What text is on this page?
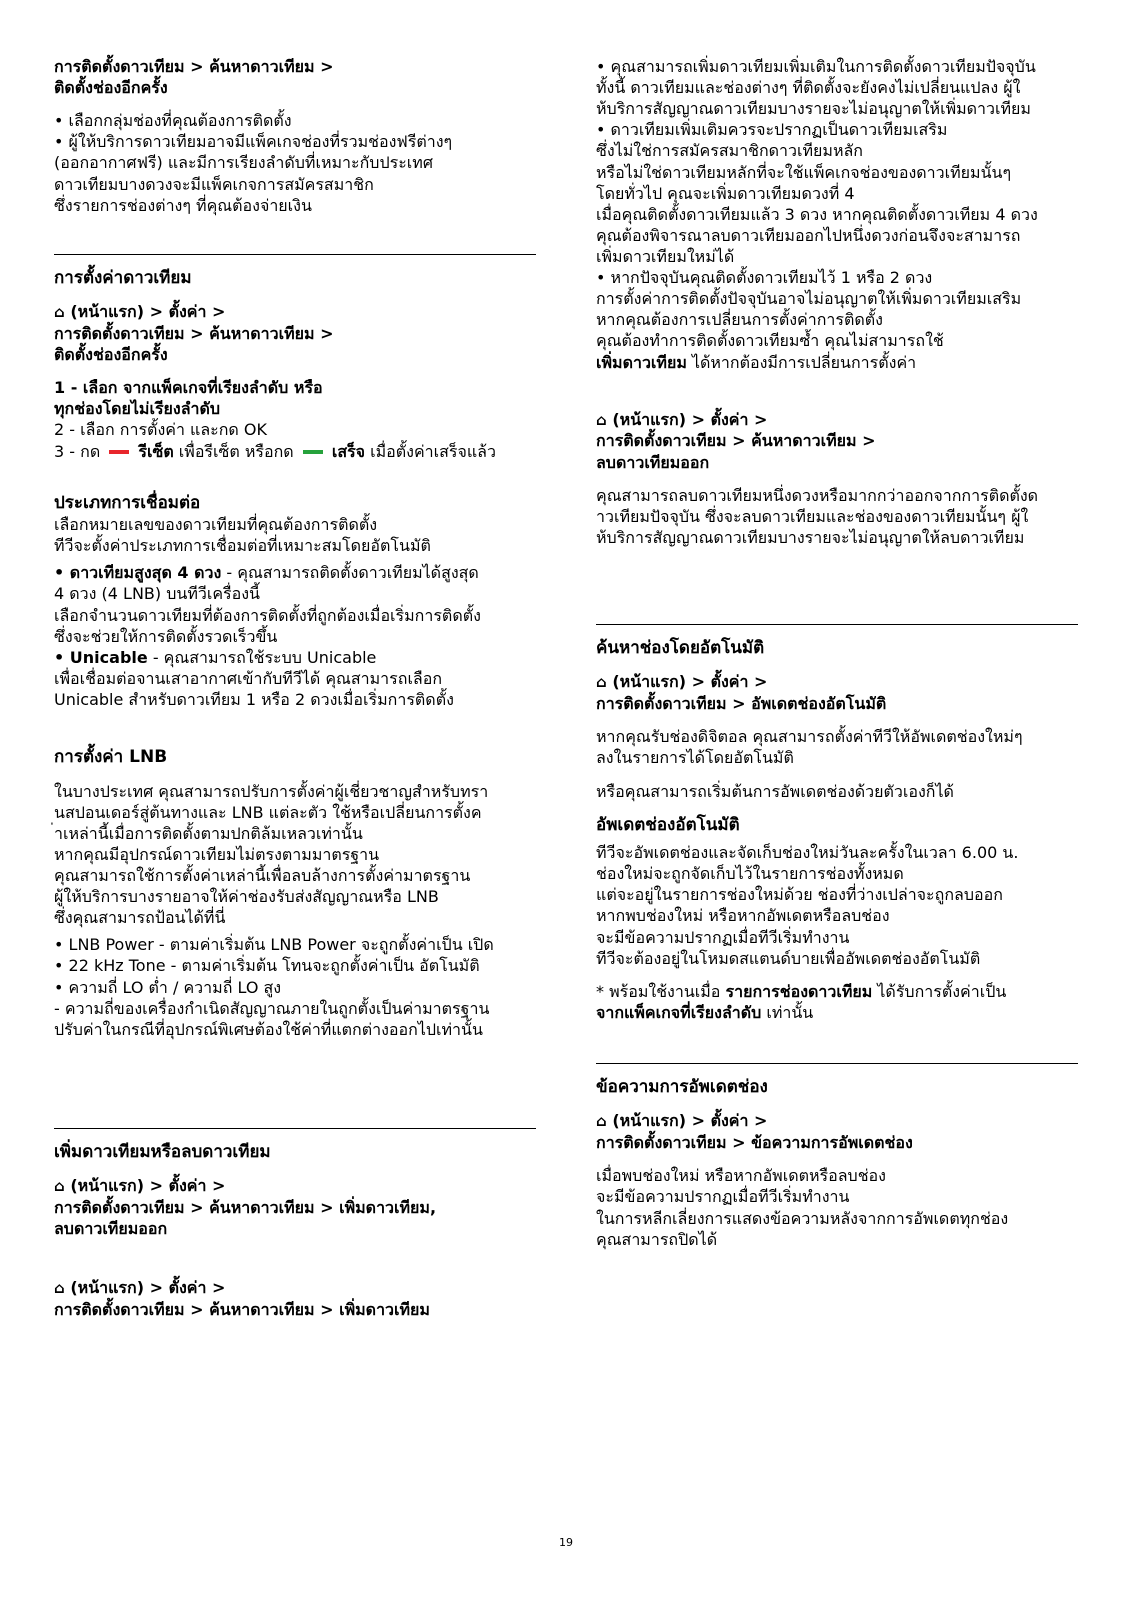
การติดตั้งดาวเทียม > ค้นหาดาวเทียม >

ติดตั้งช่องอีกครั้ง

• เลือกกลุ่มช่องที่คุณต้องการติดตั้ง

• ผู้ให้บริการดาวเทียมอาจมีแพ็คเกจช่องที่รวมช่องฟรีต่างๆ

(ออกอากาศฟรี) และมีการเรียงลำดับที่เหมาะกับประเทศ

ดาวเทียมบางดวงจะมีแพ็คเกจการสมัครสมาชิก

ซึ่งรายการช่องต่างๆ ที่คุณต้องจ่ายเงิน

การตั้งค่าดาวเทียม

⌂ (หน้าแรก) > ตั้งค่า >

การติดตั้งดาวเทียม > ค้นหาดาวเทียม >

ติดตั้งช่องอีกครั้ง

1 - เลือก จากแพ็คเกจที่เรียงลำดับ หรือ

ทุกช่องโดยไม่เรียงลำดับ

2 - เลือก การตั้งค่า และกด OK

3 - กด รีเซ็ต เพื่อรีเซ็ต หรือกด เสร็จ เมื่อตั้งค่าเสร็จแล้ว

ประเภทการเชื่อมต่อ

เลือกหมายเลขของดาวเทียมที่คุณต้องการติดตั้ง

ทีวีจะตั้งค่าประเภทการเชื่อมต่อที่เหมาะสมโดยอัตโนมัติ

• ดาวเทียมสูงสุด 4 ดวง - คุณสามารถติดตั้งดาวเทียมได้สูงสุด

4 ดวง (4 LNB) บนทีวีเครื่องนี้

เลือกจำนวนดาวเทียมที่ต้องการติดตั้งที่ถูกต้องเมื่อเริ่มการติดตั้ง

ซึ่งจะช่วยให้การติดตั้งรวดเร็วขึ้น

• Unicable - คุณสามารถใช้ระบบ Unicable

เพื่อเชื่อมต่อจานเสาอากาศเข้ากับทีวีได้ คุณสามารถเลือก

Unicable สำหรับดาวเทียม 1 หรือ 2 ดวงเมื่อเริ่มการติดตั้ง

การตั้งค่า LNB

ในบางประเทศ คุณสามารถปรับการตั้งค่าผู้เชี่ยวชาญสำหรับทรา

นสปอนเดอร์สู่ต้นทางและ LNB แต่ละตัว ใช้หรือเปลี่ยนการตั้งค

่าเหล่านี้เมื่อการติดตั้งตามปกติล้มเหลวเท่านั้น

หากคุณมีอุปกรณ์ดาวเทียมไม่ตรงตามมาตรฐาน

คุณสามารถใช้การตั้งค่าเหล่านี้เพื่อลบล้างการตั้งค่ามาตรฐาน

ผู้ให้บริการบางรายอาจให้ค่าช่องรับส่งสัญญาณหรือ LNB

ซึ่งคุณสามารถป้อนได้ที่นี่

• LNB Power - ตามค่าเริ่มต้น LNB Power จะถูกตั้งค่าเป็น เปิด

• 22 kHz Tone - ตามค่าเริ่มต้น โทนจะถูกตั้งค่าเป็น อัตโนมัติ

• ความถี่ LO ต่ำ / ความถี่ LO สูง

- ความถี่ของเครื่องกำเนิดสัญญาณภายในถูกตั้งเป็นค่ามาตรฐาน

ปรับค่าในกรณีที่อุปกรณ์พิเศษต้องใช้ค่าที่แตกต่างออกไปเท่านั้น

เพิ่มดาวเทียมหรือลบดาวเทียม

⌂ (หน้าแรก) > ตั้งค่า >

การติดตั้งดาวเทียม > ค้นหาดาวเทียม > เพิ่มดาวเทียม,

ลบดาวเทียมออก

⌂ (หน้าแรก) > ตั้งค่า >

การติดตั้งดาวเทียม > ค้นหาดาวเทียม > เพิ่มดาวเทียม

• คุณสามารถเพิ่มดาวเทียมเพิ่มเติมในการติดตั้งดาวเทียมปัจจุบัน

ทั้งนี้ ดาวเทียมและช่องต่างๆ ที่ติดตั้งจะยังคงไม่เปลี่ยนแปลง ผู้ใ

ห้บริการสัญญาณดาวเทียมบางรายจะไม่อนุญาตให้เพิ่มดาวเทียม

• ดาวเทียมเพิ่มเติมควรจะปรากฏเป็นดาวเทียมเสริม

ซึ่งไม่ใช่การสมัครสมาชิกดาวเทียมหลัก

หรือไม่ใช่ดาวเทียมหลักที่จะใช้แพ็คเกจช่องของดาวเทียมนั้นๆ

โดยทั่วไป คุณจะเพิ่มดาวเทียมดวงที่ 4

เมื่อคุณติดตั้งดาวเทียมแล้ว 3 ดวง หากคุณติดตั้งดาวเทียม 4 ดวง

คุณต้องพิจารณาลบดาวเทียมออกไปหนึ่งดวงก่อนจึงจะสามารถ

เพิ่มดาวเทียมใหม่ได้

• หากปัจจุบันคุณติดตั้งดาวเทียมไว้ 1 หรือ 2 ดวง

การตั้งค่าการติดตั้งปัจจุบันอาจไม่อนุญาตให้เพิ่มดาวเทียมเสริม

หากคุณต้องการเปลี่ยนการตั้งค่าการติดตั้ง

คุณต้องทำการติดตั้งดาวเทียมซ้ำ คุณไม่สามารถใช้

เพิ่มดาวเทียม ได้หากต้องมีการเปลี่ยนการตั้งค่า

⌂ (หน้าแรก) > ตั้งค่า >

การติดตั้งดาวเทียม > ค้นหาดาวเทียม >

ลบดาวเทียมออก

คุณสามารถลบดาวเทียมหนึ่งดวงหรือมากกว่าออกจากการติดตั้งด

าวเทียมปัจจุบัน ซึ่งจะลบดาวเทียมและช่องของดาวเทียมนั้นๆ ผู้ใ

ห้บริการสัญญาณดาวเทียมบางรายจะไม่อนุญาตให้ลบดาวเทียม

ค้นหาช่องโดยอัตโนมัติ

⌂ (หน้าแรก) > ตั้งค่า >

การติดตั้งดาวเทียม > อัพเดตช่องอัตโนมัติ

หากคุณรับช่องดิจิตอล คุณสามารถตั้งค่าทีวีให้อัพเดตช่องใหม่ๆ

ลงในรายการได้โดยอัตโนมัติ

หรือคุณสามารถเริ่มต้นการอัพเดตช่องด้วยตัวเองก็ได้

อัพเดตช่องอัตโนมัติ

ทีวีจะอัพเดตช่องและจัดเก็บช่องใหม่วันละครั้งในเวลา 6.00 น.

ช่องใหม่จะถูกจัดเก็บไว้ในรายการช่องทั้งหมด

แต่จะอยู่ในรายการช่องใหม่ด้วย ช่องที่ว่างเปล่าจะถูกลบออก

หากพบช่องใหม่ หรือหากอัพเดตหรือลบช่อง

จะมีข้อความปรากฏเมื่อทีวีเริ่มทำงาน

ทีวีจะต้องอยู่ในโหมดสแตนด์บายเพื่ออัพเดตช่องอัตโนมัติ

* พร้อมใช้งานเมื่อ รายการช่องดาวเทียม ได้รับการตั้งค่าเป็น

จากแพ็คเกจที่เรียงลำดับ เท่านั้น

ข้อความการอัพเดตช่อง

⌂ (หน้าแรก) > ตั้งค่า >

การติดตั้งดาวเทียม > ข้อความการอัพเดตช่อง

เมื่อพบช่องใหม่ หรือหากอัพเดตหรือลบช่อง

จะมีข้อความปรากฏเมื่อทีวีเริ่มทำงาน

ในการหลีกเลี่ยงการแสดงข้อความหลังจากการอัพเดตทุกช่อง

คุณสามารถปิดได้

19
